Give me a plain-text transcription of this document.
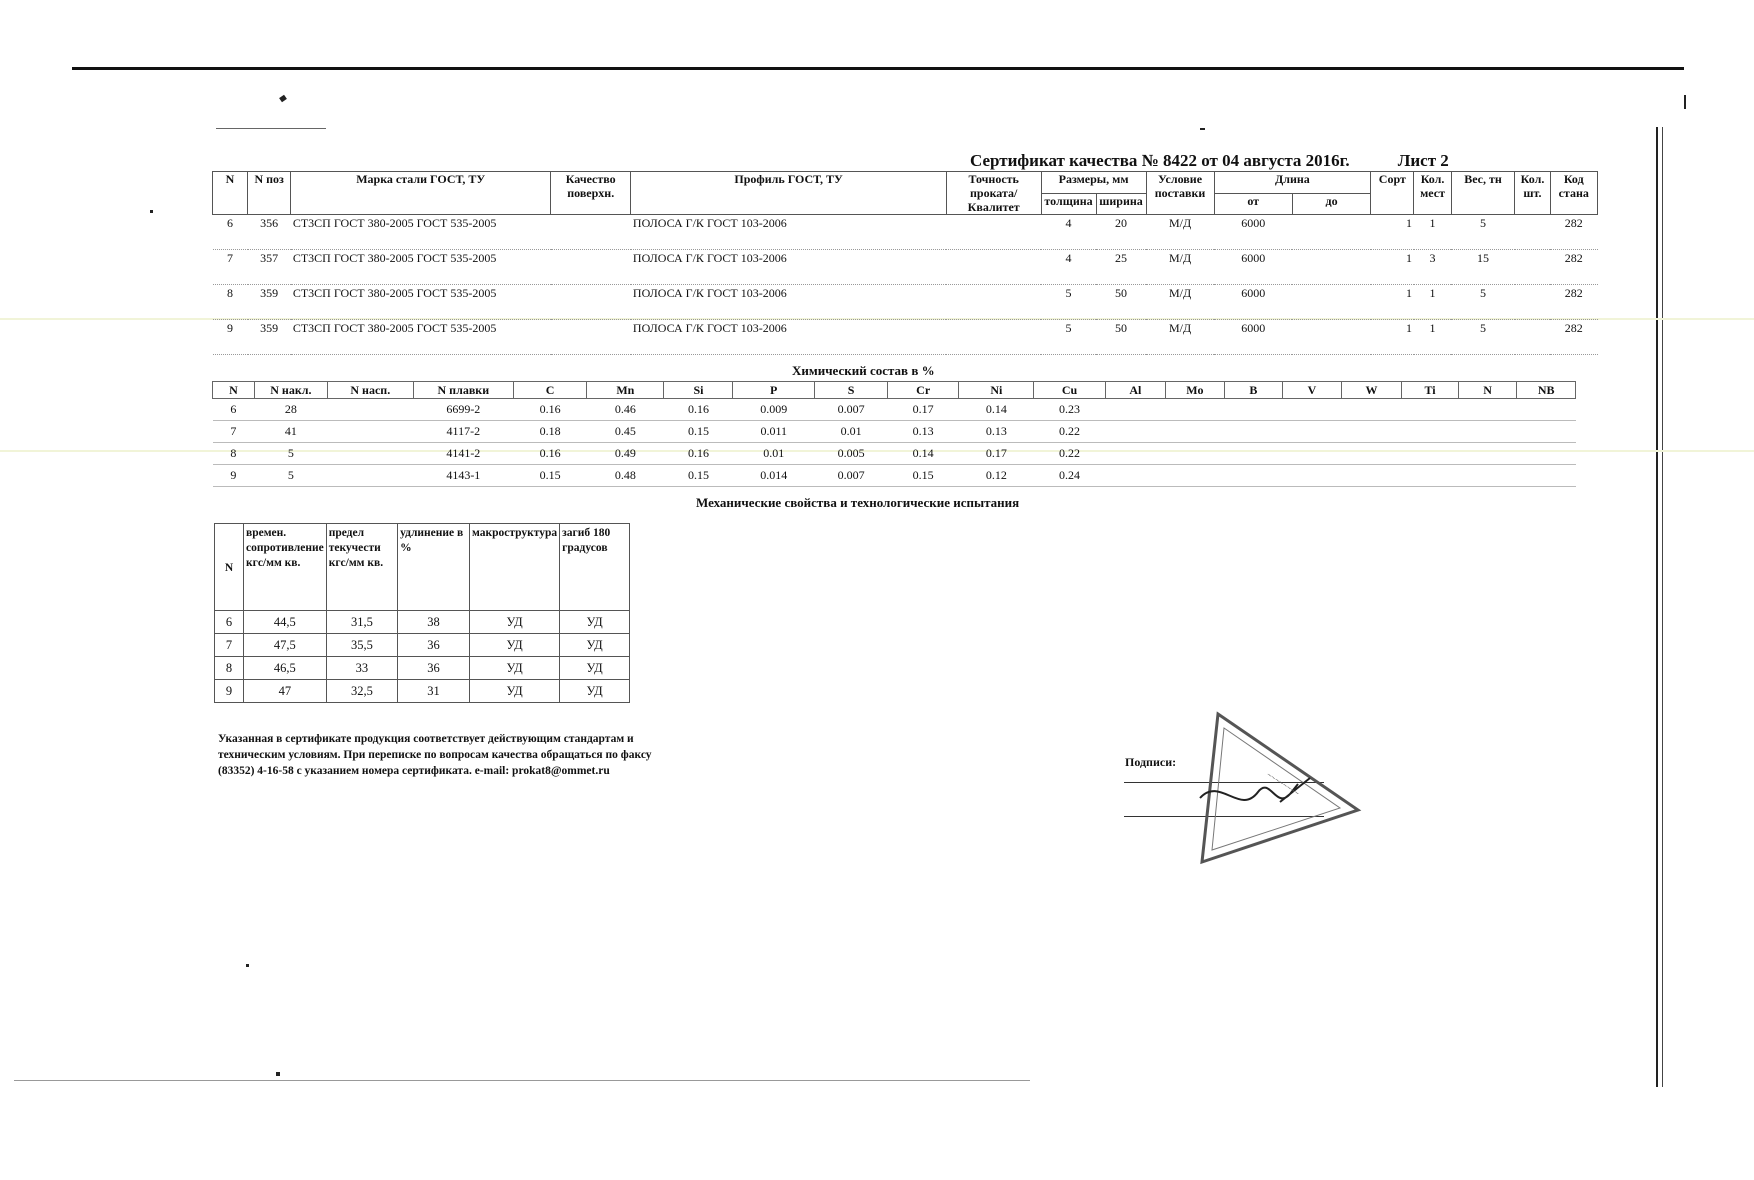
Сертификат качества № 8422 от 04 августа 2016г.	Лист 2
N	N поз	Марка стали ГОСТ, ТУ	Качество поверхн.	Профиль ГОСТ, ТУ	Точность проката/ Квалитет	Размеры, мм		Условие поставки	Длина		Сорт	Кол. мест	Вес, тн	Кол. шт.	Код стана
						толщина	ширина		от	до					
6	356	СТ3СП ГОСТ 380-2005 ГОСТ 535-2005		ПОЛОСА Г/К ГОСТ 103-2006		4	20	М/Д	6000		1	1	5		282
7	357	СТ3СП ГОСТ 380-2005 ГОСТ 535-2005		ПОЛОСА Г/К ГОСТ 103-2006		4	25	М/Д	6000		1	3	15		282
8	359	СТ3СП ГОСТ 380-2005 ГОСТ 535-2005		ПОЛОСА Г/К ГОСТ 103-2006		5	50	М/Д	6000		1	1	5		282
9	359	СТ3СП ГОСТ 380-2005 ГОСТ 535-2005		ПОЛОСА Г/К ГОСТ 103-2006		5	50	М/Д	6000		1	1	5		282
Химический состав в %
N	N накл.	N насп.	N плавки	C	Mn	Si	P	S	Cr	Ni	Cu	Al	Mo	B	V	W	Ti	N	NB
6	28		6699-2	0.16	0.46	0.16	0.009	0.007	0.17	0.14	0.23								
7	41		4117-2	0.18	0.45	0.15	0.011	0.01	0.13	0.13	0.22								
8	5		4141-2	0.16	0.49	0.16	0.01	0.005	0.14	0.17	0.22								
9	5		4143-1	0.15	0.48	0.15	0.014	0.007	0.15	0.12	0.24								
Механические свойства и технологические испытания
N	времен. сопротивление кгс/мм кв.	предел текучести кгс/мм кв.	удлинение в %	макроструктура	загиб 180 градусов
6	44,5	31,5	38	УД	УД
7	47,5	35,5	36	УД	УД
8	46,5	33	36	УД	УД
9	47	32,5	31	УД	УД
Указанная в сертификате продукция соответствует действующим стандартам и
техническим условиям. При переписке по вопросам качества обращаться по факсу
(83352) 4-16-58 с указанием номера сертификата. e-mail: prokat8@ommet.ru
Подписи:
~~~~~~~~
